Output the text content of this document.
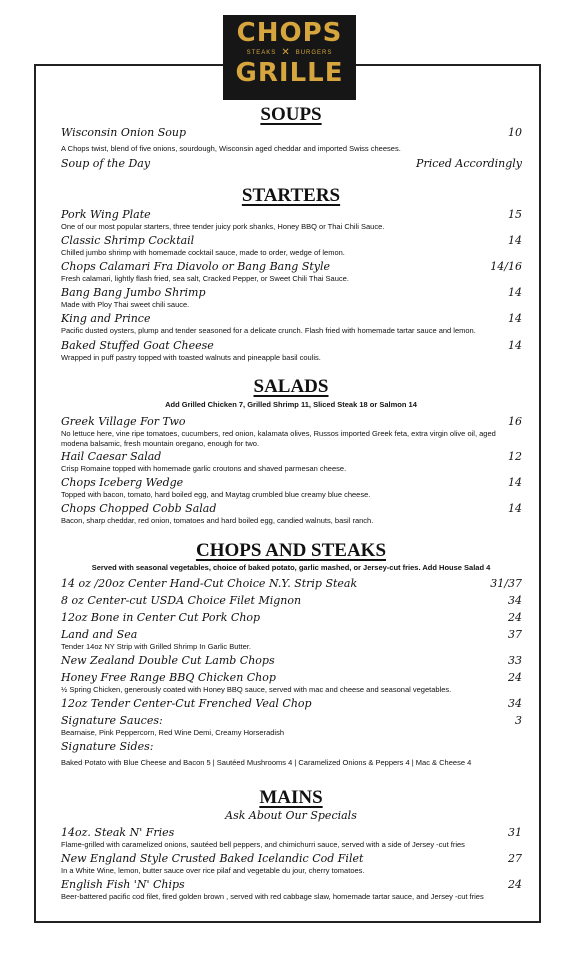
CHOPS
STEAKS ✕ BURGERS
GRILLE
SOUPS
Wisconsin Onion Soup	10
A Chops twist, blend of five onions, sourdough, Wisconsin aged cheddar and imported Swiss cheeses.
Soup of the Day	Priced Accordingly
STARTERS
Pork Wing Plate	15
One of our most popular starters, three tender juicy pork shanks, Honey BBQ or Thai Chili Sauce.
Classic Shrimp Cocktail	14
Chilled jumbo shrimp with homemade cocktail sauce, made to order, wedge of lemon.
Chops Calamari Fra Diavolo or Bang Bang Style	14/16
Fresh calamari, lightly flash fried, sea salt, Cracked Pepper, or Sweet Chili Thai Sauce.
Bang Bang Jumbo Shrimp	14
Made with Ploy Thai sweet chili sauce.
King and Prince	14
Pacific dusted oysters, plump and tender seasoned for a delicate crunch. Flash fried with homemade tartar sauce and lemon.
Baked Stuffed Goat Cheese	14
Wrapped in puff pastry topped with toasted walnuts and pineapple basil coulis.
SALADS
Add Grilled Chicken 7, Grilled Shrimp 11, Sliced Steak 18 or Salmon 14
Greek Village For Two	16
No lettuce here, vine ripe tomatoes, cucumbers, red onion, kalamata olives, Russos imported Greek feta, extra virgin olive oil, aged modena balsamic, fresh mountain oregano, enough for two.
Hail Caesar Salad	12
Crisp Romaine topped with homemade garlic croutons and shaved parmesan cheese.
Chops Iceberg Wedge	14
Topped with bacon, tomato, hard boiled egg, and Maytag crumbled blue creamy blue cheese.
Chops Chopped Cobb Salad	14
Bacon, sharp cheddar, red onion, tomatoes and hard boiled egg, candied walnuts, basil ranch.
CHOPS AND STEAKS
Served with seasonal vegetables, choice of baked potato, garlic mashed, or Jersey-cut fries. Add House Salad 4
14 oz /20oz Center Hand-Cut Choice N.Y. Strip Steak	31/37
8 oz Center-cut USDA Choice Filet Mignon	34
12oz Bone in Center Cut Pork Chop	24
Land and Sea	37
Tender 14oz NY Strip with Grilled Shrimp In Garlic Butter.
New Zealand Double Cut Lamb Chops	33
Honey Free Range BBQ Chicken Chop	24
½ Spring Chicken, generously coated with Honey BBQ sauce, served with mac and cheese and seasonal vegetables.
12oz Tender Center-Cut Frenched Veal Chop	34
Signature Sauces:	3
Bearnaise, Pink Peppercorn, Red Wine Demi, Creamy Horseradish
Signature Sides:
Baked Potato with Blue Cheese and Bacon 5 | Sautéed Mushrooms 4 | Caramelized Onions & Peppers 4 | Mac & Cheese 4
MAINS
Ask About Our Specials
14oz. Steak N' Fries	31
Flame-grilled with caramelized onions, sautéed bell peppers, and chimichurri sauce, served with a side of Jersey -cut fries
New England Style Crusted Baked Icelandic Cod Filet	27
In a White Wine, lemon, butter sauce over rice pilaf and vegetable du jour, cherry tomatoes.
English Fish 'N' Chips	24
Beer-battered pacific cod filet, fired golden brown , served with red cabbage slaw, homemade tartar sauce, and Jersey -cut fries
